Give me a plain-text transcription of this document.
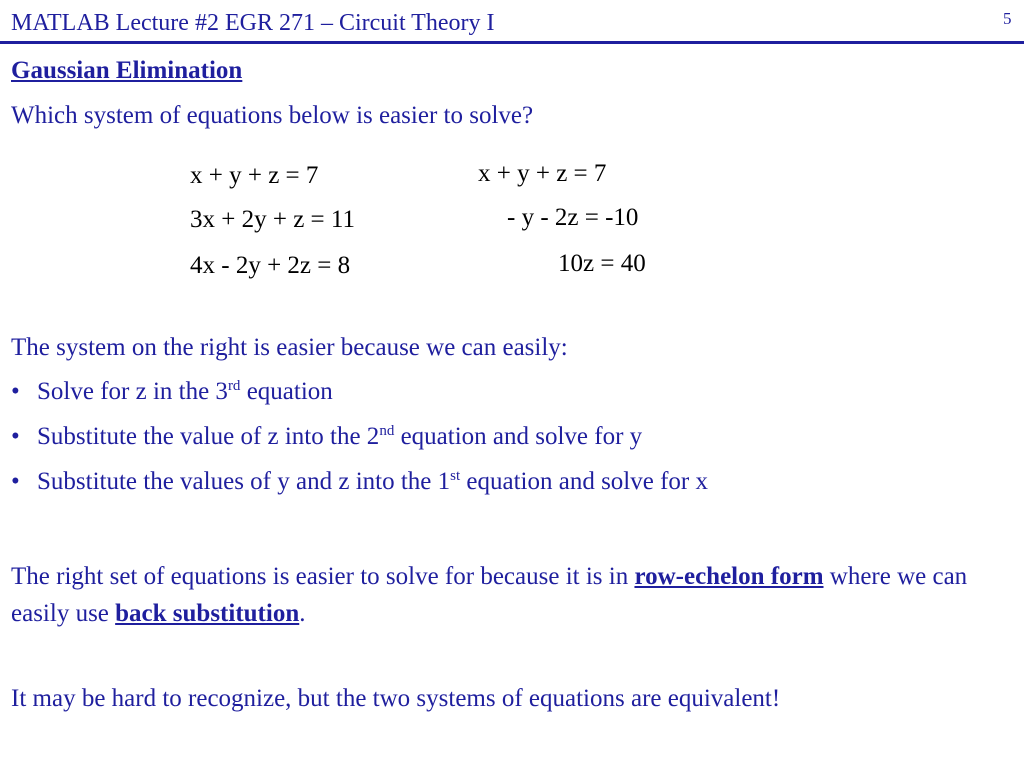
MATLAB Lecture #2 EGR 271 – Circuit Theory I	5
Gaussian Elimination
Which system of equations below is easier to solve?
x + y + z = 7
3x + 2y + z = 11
4x - 2y + 2z = 8
x + y + z = 7
- y - 2z = -10
10z = 40
The system on the right is easier because we can easily:
• Solve for z in the 3rd equation
• Substitute the value of z into the 2nd equation and solve for y
• Substitute the values of y and z into the 1st equation and solve for x
The right set of equations is easier to solve for because it is in row-echelon form where we can easily use back substitution.
It may be hard to recognize, but the two systems of equations are equivalent!
